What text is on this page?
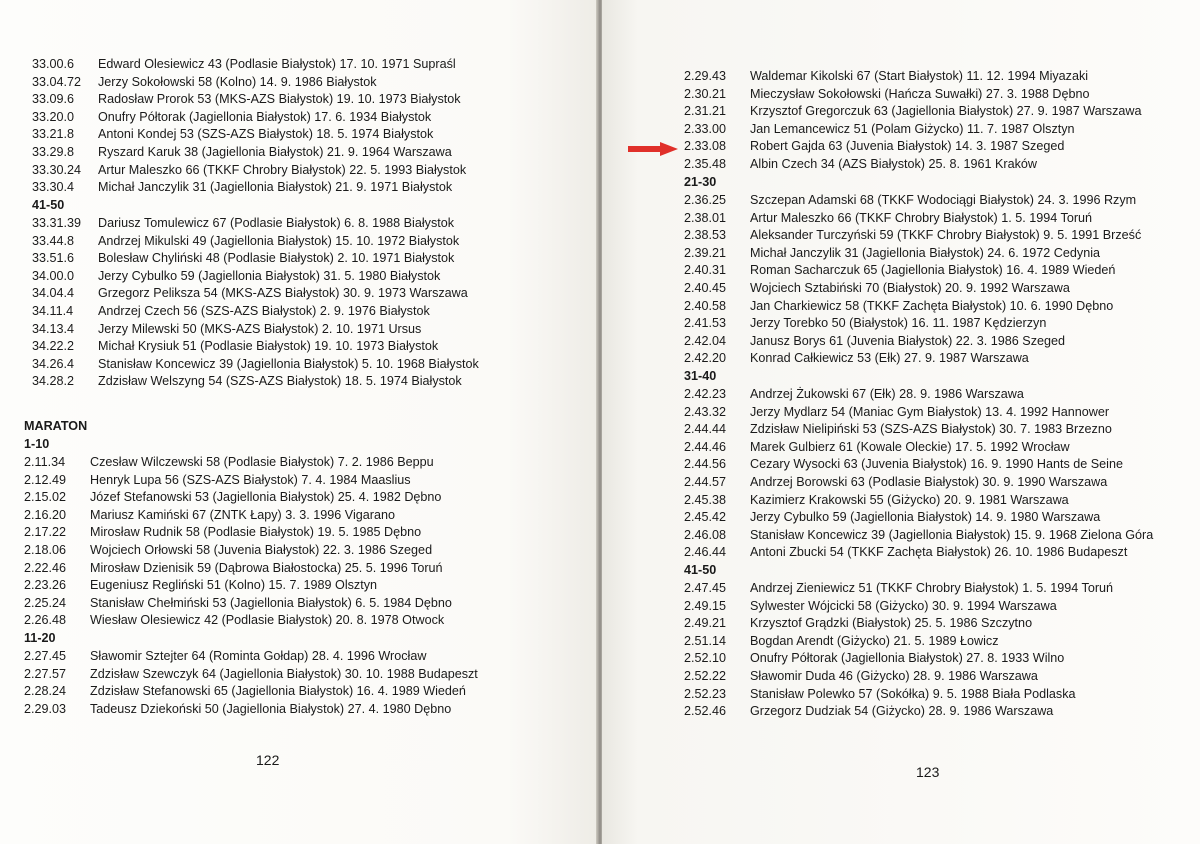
33.00.6	Edward Olesiewicz 43 (Podlasie Białystok) 17. 10. 1971 Supraśl
33.04.72	Jerzy Sokołowski 58 (Kolno) 14. 9. 1986 Białystok
33.09.6	Radosław Prorok 53 (MKS-AZS Białystok) 19. 10. 1973 Białystok
33.20.0	Onufry Półtorak (Jagiellonia Białystok) 17. 6. 1934 Białystok
33.21.8	Antoni Kondej 53 (SZS-AZS Białystok) 18. 5. 1974 Białystok
33.29.8	Ryszard Karuk 38 (Jagiellonia Białystok) 21. 9. 1964 Warszawa
33.30.24	Artur Maleszko 66 (TKKF Chrobry Białystok) 22. 5. 1993 Białystok
33.30.4	Michał Janczylik 31 (Jagiellonia Białystok) 21. 9. 1971 Białystok
41-50
33.31.39	Dariusz Tomulewicz 67 (Podlasie Białystok) 6. 8. 1988 Białystok
33.44.8	Andrzej Mikulski 49 (Jagiellonia Białystok) 15. 10. 1972 Białystok
33.51.6	Bolesław Chyliński 48 (Podlasie Białystok) 2. 10. 1971 Białystok
34.00.0	Jerzy Cybulko 59 (Jagiellonia Białystok) 31. 5. 1980 Białystok
34.04.4	Grzegorz Peliksza 54 (MKS-AZS Białystok) 30. 9. 1973 Warszawa
34.11.4	Andrzej Czech 56 (SZS-AZS Białystok) 2. 9. 1976 Białystok
34.13.4	Jerzy Milewski 50 (MKS-AZS Białystok) 2. 10. 1971 Ursus
34.22.2	Michał Krysiuk 51 (Podlasie Białystok) 19. 10. 1973 Białystok
34.26.4	Stanisław Koncewicz 39 (Jagiellonia Białystok) 5. 10. 1968 Białystok
34.28.2	Zdzisław Welszyng 54 (SZS-AZS Białystok) 18. 5. 1974 Białystok
MARATON
1-10
2.11.34	Czesław Wilczewski 58 (Podlasie Białystok) 7. 2. 1986 Beppu
2.12.49	Henryk Lupa 56 (SZS-AZS Białystok) 7. 4. 1984 Maaslius
2.15.02	Józef Stefanowski 53 (Jagiellonia Białystok) 25. 4. 1982 Dębno
2.16.20	Mariusz Kamiński 67 (ZNTK Łapy) 3. 3. 1996 Vigarano
2.17.22	Mirosław Rudnik 58 (Podlasie Białystok) 19. 5. 1985 Dębno
2.18.06	Wojciech Orłowski 58 (Juvenia Białystok) 22. 3. 1986 Szeged
2.22.46	Mirosław Dzienisik 59 (Dąbrowa Białostocka) 25. 5. 1996 Toruń
2.23.26	Eugeniusz Regliński 51 (Kolno) 15. 7. 1989 Olsztyn
2.25.24	Stanisław Chełmiński 53 (Jagiellonia Białystok) 6. 5. 1984 Dębno
2.26.48	Wiesław Olesiewicz 42 (Podlasie Białystok) 20. 8. 1978 Otwock
11-20
2.27.45	Sławomir Sztejter 64 (Rominta Gołdap) 28. 4. 1996 Wrocław
2.27.57	Zdzisław Szewczyk 64 (Jagiellonia Białystok) 30. 10. 1988 Budapeszt
2.28.24	Zdzisław Stefanowski 65 (Jagiellonia Białystok) 16. 4. 1989 Wiedeń
2.29.03	Tadeusz Dziekoński 50 (Jagiellonia Białystok) 27. 4. 1980 Dębno
122
2.29.43	Waldemar Kikolski 67 (Start Białystok) 11. 12. 1994 Miyazaki
2.30.21	Mieczysław Sokołowski (Hańcza Suwałki) 27. 3. 1988 Dębno
2.31.21	Krzysztof Gregorczuk 63 (Jagiellonia Białystok) 27. 9. 1987 Warszawa
2.33.00	Jan Lemancewicz 51 (Polam Giżycko) 11. 7. 1987 Olsztyn
2.33.08	Robert Gajda 63 (Juvenia Białystok) 14. 3. 1987 Szeged
2.35.48	Albin Czech 34 (AZS Białystok) 25. 8. 1961 Kraków
21-30
2.36.25	Szczepan Adamski 68 (TKKF Wodociągi Białystok) 24. 3. 1996 Rzym
2.38.01	Artur Maleszko 66 (TKKF Chrobry Białystok) 1. 5. 1994 Toruń
2.38.53	Aleksander Turczyński 59 (TKKF Chrobry Białystok) 9. 5. 1991 Brześć
2.39.21	Michał Janczylik 31 (Jagiellonia Białystok) 24. 6. 1972 Cedynia
2.40.31	Roman Sacharczuk 65 (Jagiellonia Białystok) 16. 4. 1989 Wiedeń
2.40.45	Wojciech Sztabiński 70 (Białystok) 20. 9. 1992 Warszawa
2.40.58	Jan Charkiewicz 58 (TKKF Zachęta Białystok) 10. 6. 1990 Dębno
2.41.53	Jerzy Torebko 50 (Białystok) 16. 11. 1987 Kędzierzyn
2.42.04	Janusz Borys 61 (Juvenia Białystok) 22. 3. 1986 Szeged
2.42.20	Konrad Całkiewicz 53 (Ełk) 27. 9. 1987 Warszawa
31-40
2.42.23	Andrzej Żukowski 67 (Ełk) 28. 9. 1986 Warszawa
2.43.32	Jerzy Mydlarz 54 (Maniac Gym Białystok) 13. 4. 1992 Hannower
2.44.44	Zdzisław Nielipiński 53 (SZS-AZS Białystok) 30. 7. 1983 Brzezno
2.44.46	Marek Gulbierz 61 (Kowale Oleckie) 17. 5. 1992 Wrocław
2.44.56	Cezary Wysocki 63 (Juvenia Białystok) 16. 9. 1990 Hants de Seine
2.44.57	Andrzej Borowski 63 (Podlasie Białystok) 30. 9. 1990 Warszawa
2.45.38	Kazimierz Krakowski 55 (Giżycko) 20. 9. 1981 Warszawa
2.45.42	Jerzy Cybulko 59 (Jagiellonia Białystok) 14. 9. 1980 Warszawa
2.46.08	Stanisław Koncewicz 39 (Jagiellonia Białystok) 15. 9. 1968 Zielona Góra
2.46.44	Antoni Zbucki 54 (TKKF Zachęta Białystok) 26. 10. 1986 Budapeszt
41-50
2.47.45	Andrzej Zieniewicz 51 (TKKF Chrobry Białystok) 1. 5. 1994 Toruń
2.49.15	Sylwester Wójcicki 58 (Giżycko) 30. 9. 1994 Warszawa
2.49.21	Krzysztof Grądzki (Białystok) 25. 5. 1986 Szczytno
2.51.14	Bogdan Arendt (Giżycko) 21. 5. 1989 Łowicz
2.52.10	Onufry Półtorak (Jagiellonia Białystok) 27. 8. 1933 Wilno
2.52.22	Sławomir Duda 46 (Giżycko) 28. 9. 1986 Warszawa
2.52.23	Stanisław Polewko 57 (Sokółka) 9. 5. 1988 Biała Podlaska
2.52.46	Grzegorz Dudziak 54 (Giżycko) 28. 9. 1986 Warszawa
123
